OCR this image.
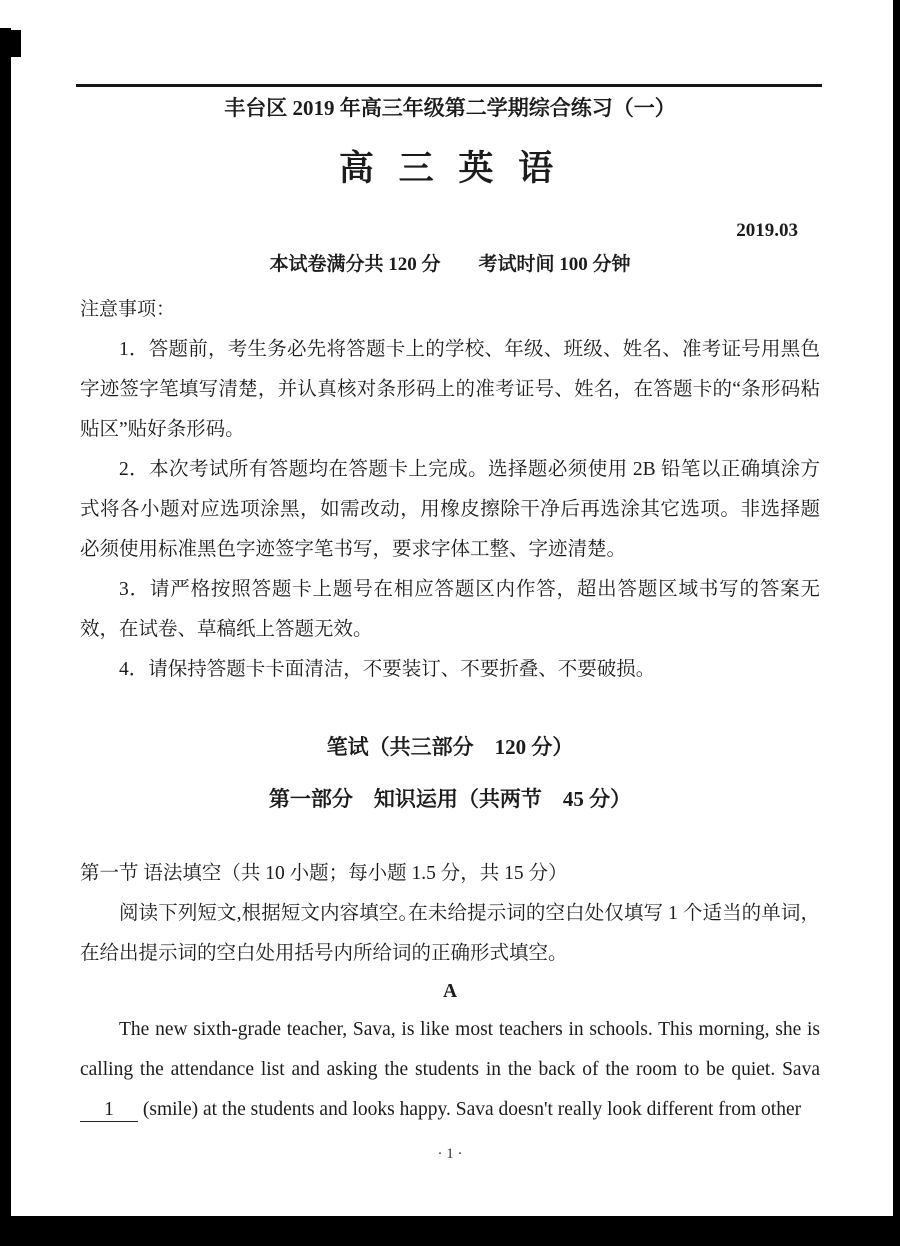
丰台区 2019 年高三年级第二学期综合练习（一）
高 三 英 语
2019.03
本试卷满分共 120 分　　考试时间 100 分钟

注意事项：

1．答题前，考生务必先将答题卡上的学校、年级、班级、姓名、准考证号用黑色字迹签字笔填写清楚，并认真核对条形码上的准考证号、姓名，在答题卡的“条形码粘贴区”贴好条形码。

2．本次考试所有答题均在答题卡上完成。选择题必须使用 2B 铅笔以正确填涂方式将各小题对应选项涂黑，如需改动，用橡皮擦除干净后再选涂其它选项。非选择题必须使用标准黑色字迹签字笔书写，要求字体工整、字迹清楚。

3．请严格按照答题卡上题号在相应答题区内作答，超出答题区域书写的答案无效，在试卷、草稿纸上答题无效。

4．请保持答题卡卡面清洁，不要装订、不要折叠、不要破损。

笔试（共三部分　120 分）
第一部分　知识运用（共两节　45 分）

第一节 语法填空（共 10 小题；每小题 1.5 分，共 15 分）

阅读下列短文,根据短文内容填空｡在未给提示词的空白处仅填写 1 个适当的单词，在给出提示词的空白处用括号内所给词的正确形式填空。

A

The new sixth-grade teacher, Sava, is like most teachers in schools. This morning, she is calling the attendance list and asking the students in the back of the room to be quiet. Sava 1 (smile) at the students and looks happy. Sava doesn't really look different from other

· 1 ·
